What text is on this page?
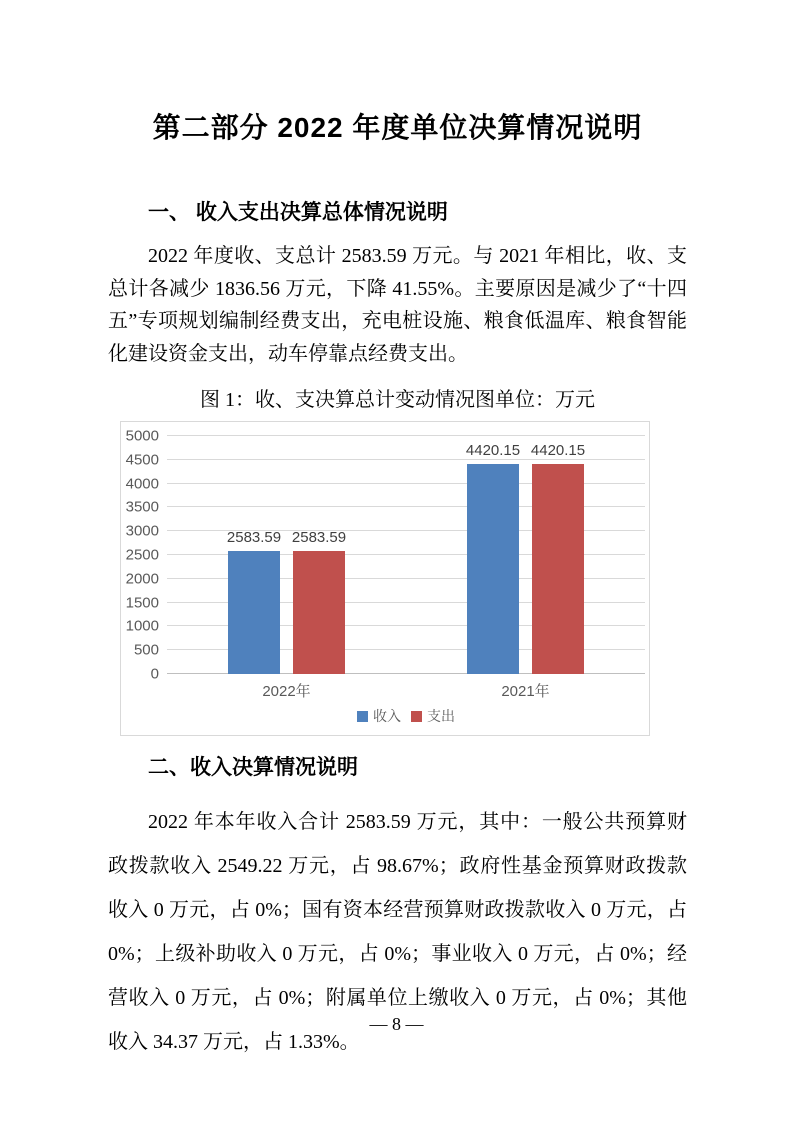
第二部分 2022 年度单位决算情况说明
一、 收入支出决算总体情况说明

2022 年度收、支总计 2583.59 万元。与 2021 年相比，收、支总计各减少 1836.56 万元，下降 41.55%。主要原因是减少了“十四五”专项规划编制经费支出，充电桩设施、粮食低温库、粮食智能化建设资金支出，动车停靠点经费支出。

图 1：收、支决算总计变动情况图单位：万元
2583.59 2583.59
4420.15 4420.15
2022年	2021年
收入 支出
0
500
1000
1500
2000
2500
3000
3500
4000
4500
5000
二、收入决算情况说明

2022 年本年收入合计 2583.59 万元，其中：一般公共预算财政拨款收入 2549.22 万元，占 98.67%；政府性基金预算财政拨款收入 0 万元，占 0%；国有资本经营预算财政拨款收入 0 万元，占 0%；上级补助收入 0 万元，占 0%；事业收入 0 万元，占 0%；经营收入 0 万元，占 0%；附属单位上缴收入 0 万元，占 0%；其他收入 34.37 万元，占 1.33%。

— 8 —
